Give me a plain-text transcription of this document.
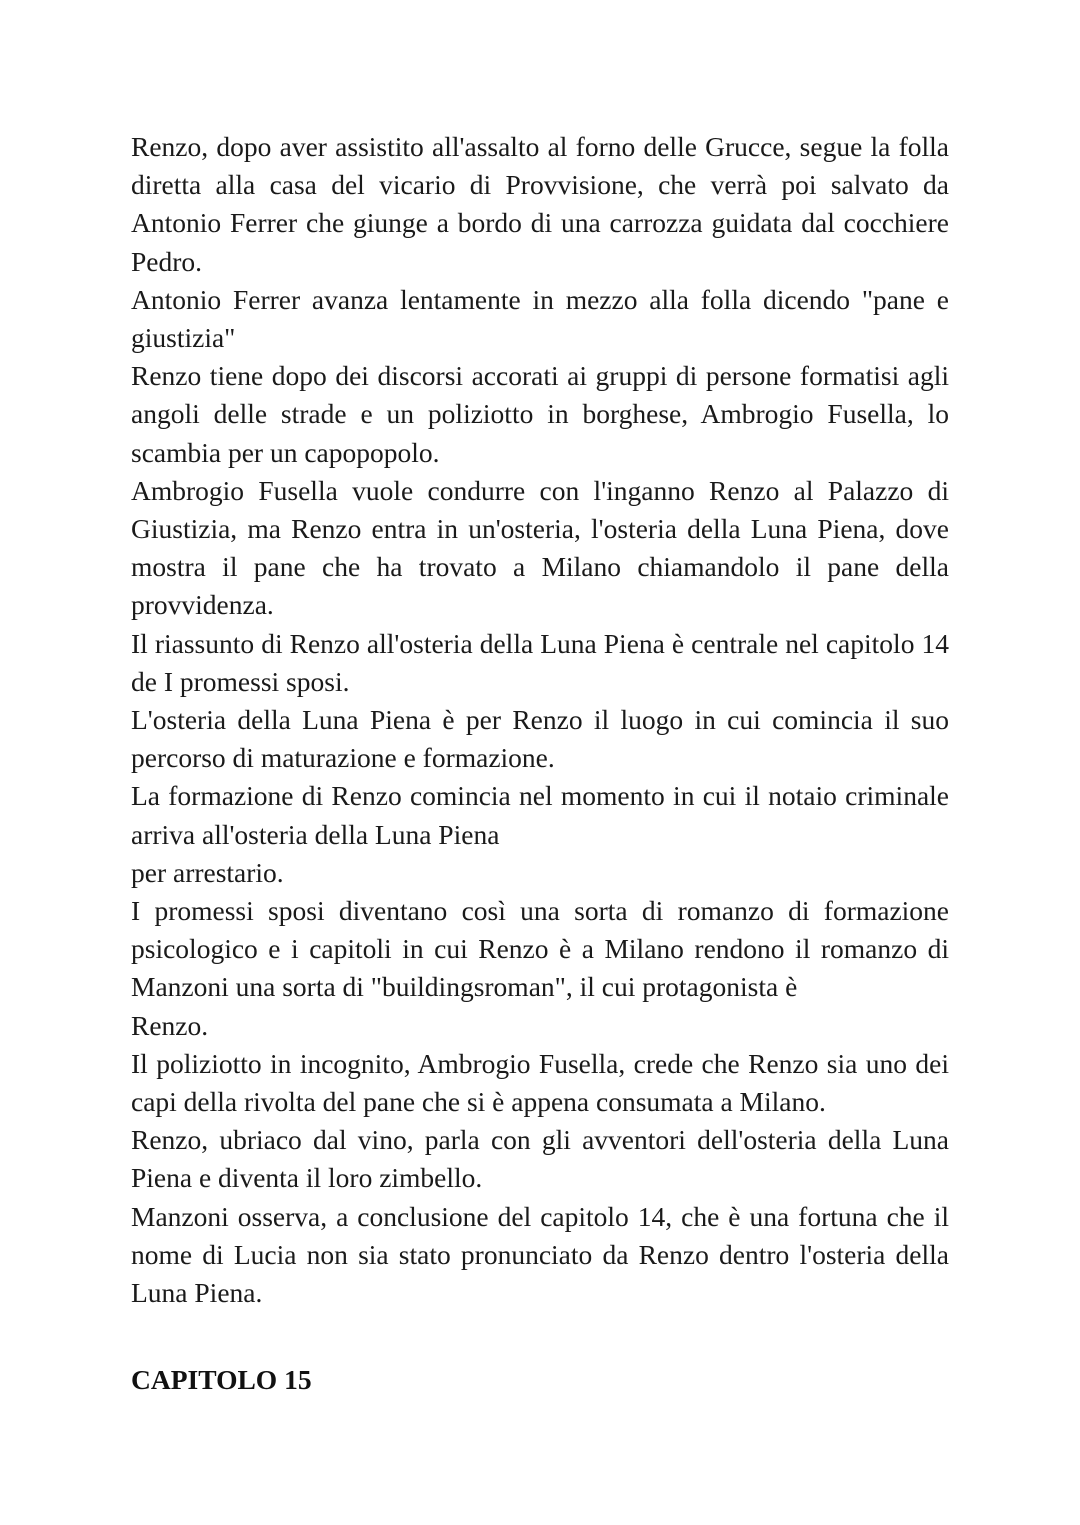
Renzo, dopo aver assistito all'assalto al forno delle Grucce, segue la folla diretta alla casa del vicario di Provvisione, che verrà poi salvato da Antonio Ferrer che giunge a bordo di una carrozza guidata dal cocchiere Pedro.

Antonio Ferrer avanza lentamente in mezzo alla folla dicendo "pane e giustizia"

Renzo tiene dopo dei discorsi accorati ai gruppi di persone formatisi agli angoli delle strade e un poliziotto in borghese, Ambrogio Fusella, lo scambia per un capopopolo.

Ambrogio Fusella vuole condurre con l'inganno Renzo al Palazzo di Giustizia, ma Renzo entra in un'osteria, l'osteria della Luna Piena, dove mostra il pane che ha trovato a Milano chiamandolo il pane della provvidenza.

Il riassunto di Renzo all'osteria della Luna Piena è centrale nel capitolo 14 de I promessi sposi.

L'osteria della Luna Piena è per Renzo il luogo in cui comincia il suo percorso di maturazione e formazione.

La formazione di Renzo comincia nel momento in cui il notaio criminale arriva all'osteria della Luna Piena

per arrestario.

I promessi sposi diventano così una sorta di romanzo di formazione psicologico e i capitoli in cui Renzo è a Milano rendono il romanzo di Manzoni una sorta di "buildingsroman", il cui protagonista è

Renzo.

Il poliziotto in incognito, Ambrogio Fusella, crede che Renzo sia uno dei capi della rivolta del pane che si è appena consumata a Milano.

Renzo, ubriaco dal vino, parla con gli avventori dell'osteria della Luna Piena e diventa il loro zimbello.

Manzoni osserva, a conclusione del capitolo 14, che è una fortuna che il nome di Lucia non sia stato pronunciato da Renzo dentro l'osteria della Luna Piena.

CAPITOLO 15
